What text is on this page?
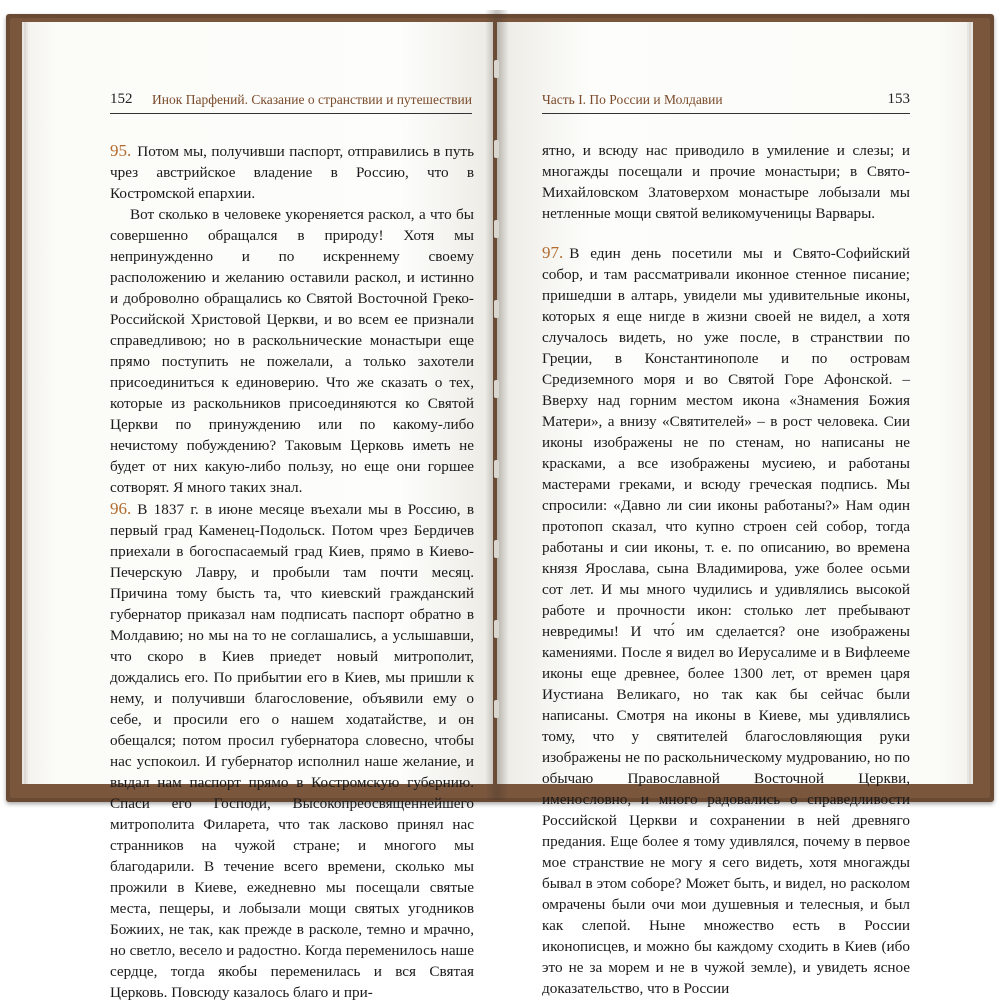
152 Инок Парфений. Сказание о странствии и путешествии

95. Потом мы, получивши паспорт, отправились в путь чрез австрийское владение в Россию, что в Костромской епархии.

Вот сколько в человеке укореняется раскол, а что бы совершенно обращался в природу! Хотя мы непринужденно и по искреннему своему расположению и желанию оставили раскол, и истинно и доброволно обращались ко Святой Восточной Греко-Российской Христовой Церкви, и во всем ее признали справедливою; но в раскольнические монастыри еще прямо поступить не пожелали, а только захотели присоединиться к единоверию. Что же сказать о тех, которые из раскольников присоединяются ко Святой Церкви по принуждению или по какому-либо нечистому побуждению? Таковым Церковь иметь не будет от них какую-либо пользу, но еще они горшее сотворят. Я много таких знал.

96. В 1837 г. в июне месяце въехали мы в Россию, в первый град Каменец-Подольск. Потом чрез Бердичев приехали в богоспасаемый град Киев, прямо в Киево-Печерскую Лавру, и пробыли там почти месяц. Причина тому бысть та, что киевский гражданский губернатор приказал нам подписать паспорт обратно в Молдавию; но мы на то не соглашались, а услышавши, что скоро в Киев приедет новый митрополит, дождались его. По прибытии его в Киев, мы пришли к нему, и получивши благословение, объявили ему о себе, и просили его о нашем ходатайстве, и он обещался; потом просил губернатора словесно, чтобы нас успокоил. И губернатор исполнил наше желание, и выдал нам паспорт прямо в Костромскую губернию. Спаси его Господи, Высокопреосвященнейшего митрополита Филарета, что так ласково принял нас странников на чужой стране; и многого мы благодарили. В течение всего времени, сколько мы прожили в Киеве, ежедневно мы посещали святые места, пещеры, и лобызали мощи святых угодников Божиих, не так, как прежде в расколе, темно и мрачно, но светло, весело и радостно. Когда переменилось наше сердце, тогда якобы переменилась и вся Святая Церковь. Повсюду казалось благо и при-

Часть I. По России и Молдавии	153

ятно, и всюду нас приводило в умиление и слезы; и многажды посещали и прочие монастыри; в Свято-Михайловском Златоверхом монастыре лобызали мы нетленные мощи святой великомученицы Варвары.

97. В един день посетили мы и Свято-Софийский собор, и там рассматривали иконное стенное писание; пришедши в алтарь, увидели мы удивительные иконы, которых я еще нигде в жизни своей не видел, а хотя случалось видеть, но уже после, в странствии по Греции, в Константинополе и по островам Средиземного моря и во Святой Горе Афонской. – Вверху над горним местом икона «Знамения Божия Матери», а внизу «Святителей» – в рост человека. Сии иконы изображены не по стенам, но написаны не красками, а все изображены мусиею, и работаны мастерами греками, и всюду греческая подпись. Мы спросили: «Давно ли сии иконы работаны?» Нам один протопоп сказал, что купно строен сей собор, тогда работаны и сии иконы, т. е. по описанию, во времена князя Ярослава, сына Владимирова, уже более осьми сот лет. И мы много чудились и удивлялись высокой работе и прочности икон: столько лет пребывают невредимы! И что́ им сделается? оне изображены камениями. После я видел во Иерусалиме и в Вифлееме иконы еще древнее, более 1300 лет, от времен царя Иустиана Великаго, но так как бы сейчас были написаны. Смотря на иконы в Киеве, мы удивлялись тому, что у святителей благословляющия руки изображены не по раскольническому мудрованию, но по обычаю Православной Восточной Церкви, именословно, и много радовались о справедливости Российской Церкви и сохранении в ней древняго предания. Еще более я тому удивлялся, почему в первое мое странствие не могу я сего видеть, хотя многажды бывал в этом соборе? Может быть, и видел, но расколом омрачены были очи мои душевныя и телесныя, и был как слепой. Ныне множество есть в России иконописцев, и можно бы каждому сходить в Киев (ибо это не за морем и не в чужой земле), и увидеть ясное доказательство, что в России
